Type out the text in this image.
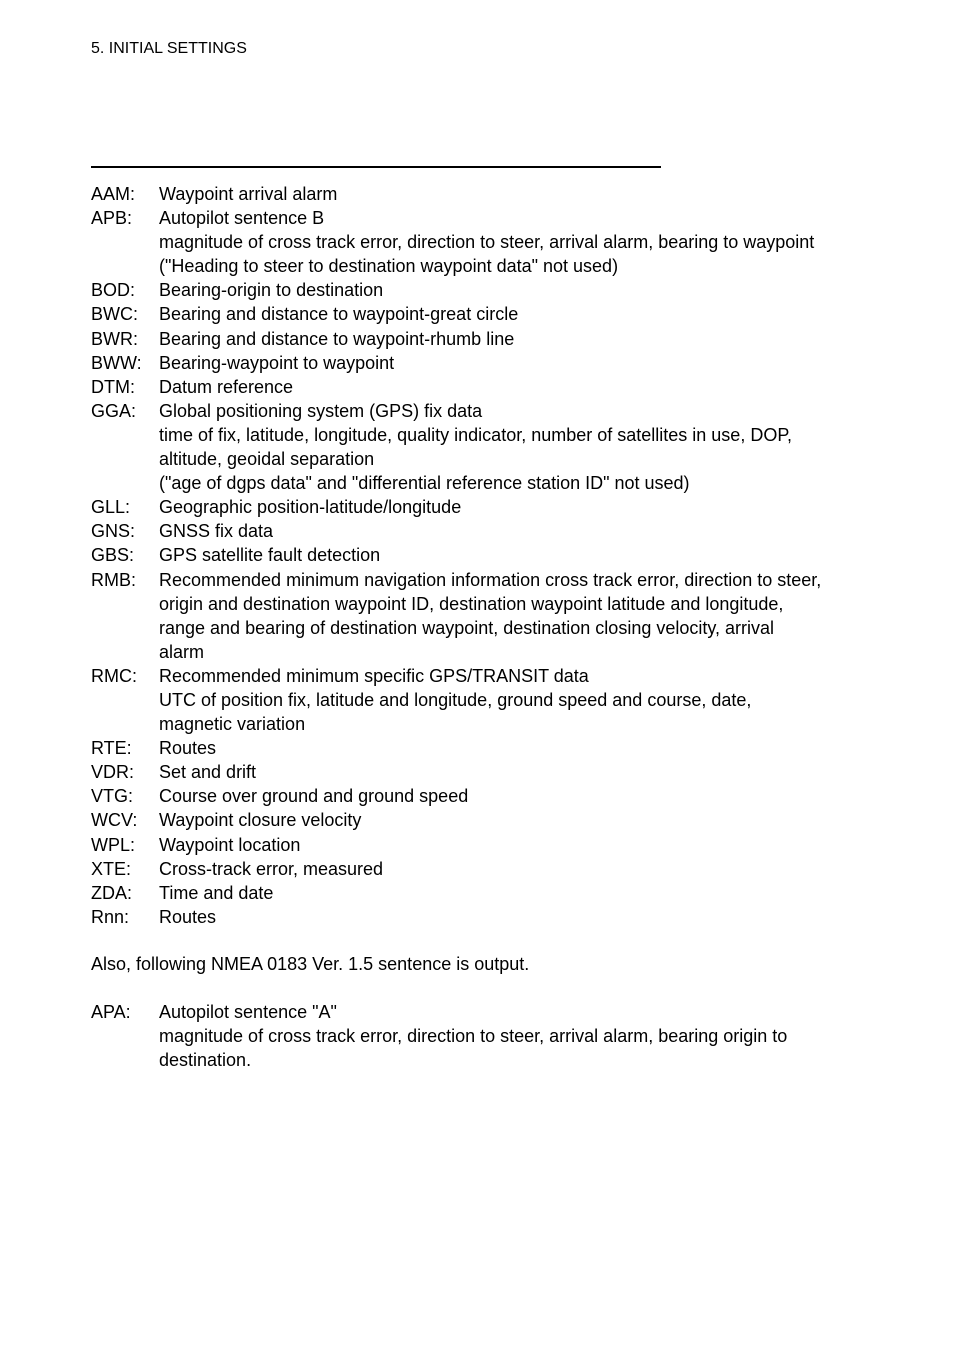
5. INITIAL SETTINGS
AAM:	Waypoint arrival alarm
APB:	Autopilot sentence B
magnitude of cross track error, direction to steer, arrival alarm, bearing to waypoint
("Heading to steer to destination waypoint data" not used)
BOD:	Bearing-origin to destination
BWC:	Bearing and distance to waypoint-great circle
BWR:	Bearing and distance to waypoint-rhumb line
BWW: Bearing-waypoint to waypoint
DTM:	Datum reference
GGA:	Global positioning system (GPS) fix data
time of fix, latitude, longitude, quality indicator, number of satellites in use, DOP,
altitude, geoidal separation
("age of dgps data" and "differential reference station ID" not used)
GLL:	Geographic position-latitude/longitude
GNS:	GNSS fix data
GBS:	GPS satellite fault detection
RMB:	Recommended minimum navigation information cross track error, direction to steer,
origin and destination waypoint ID, destination waypoint latitude and longitude,
range and bearing of destination waypoint, destination closing velocity, arrival
alarm
RMC:	Recommended minimum specific GPS/TRANSIT data
UTC of position fix, latitude and longitude, ground speed and course, date,
magnetic variation
RTE:	Routes
VDR:	Set and drift
VTG:	Course over ground and ground speed
WCV:	Waypoint closure velocity
WPL:	Waypoint location
XTE:	Cross-track error, measured
ZDA:	Time and date
Rnn:	Routes
Also, following NMEA 0183 Ver. 1.5 sentence is output.
APA:	Autopilot sentence "A"
magnitude of cross track error, direction to steer, arrival alarm, bearing origin to
destination.
